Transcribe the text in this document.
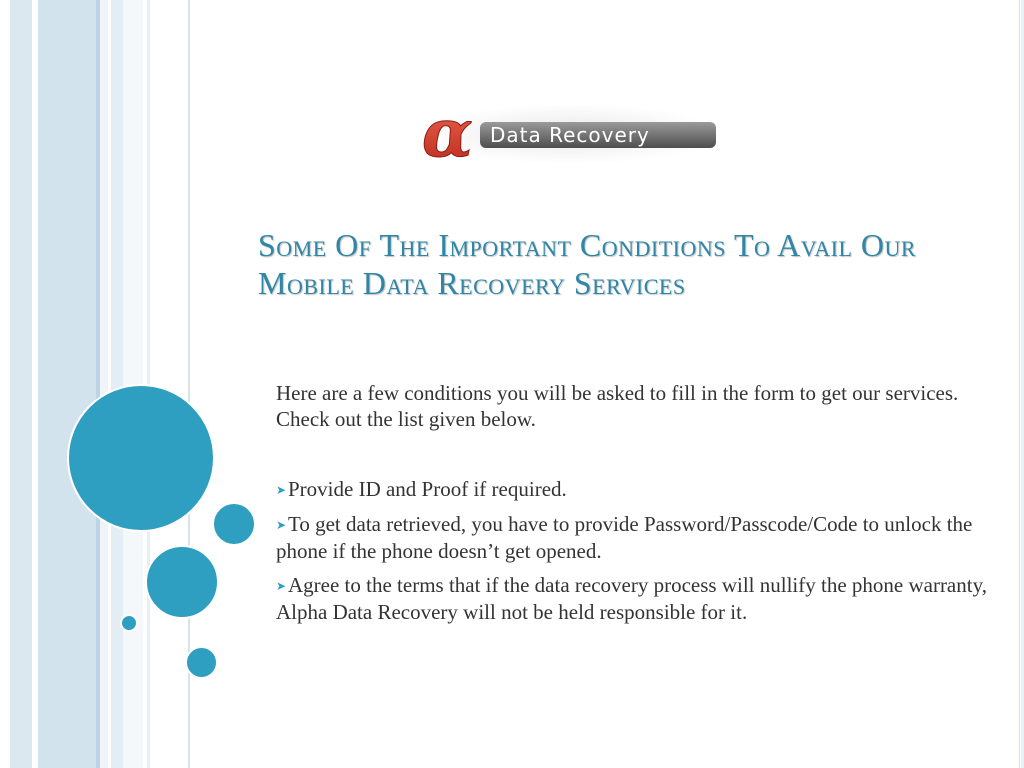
α Data Recovery
Some Of The Important Conditions To Avail Our Mobile Data Recovery Services

Here are a few conditions you will be asked to fill in the form to get our services. Check out the list given below.

➤Provide ID and Proof if required.

➤To get data retrieved, you have to provide Password/Passcode/Code to unlock the phone if the phone doesn’t get opened.

➤Agree to the terms that if the data recovery process will nullify the phone warranty, Alpha Data Recovery will not be held responsible for it.
